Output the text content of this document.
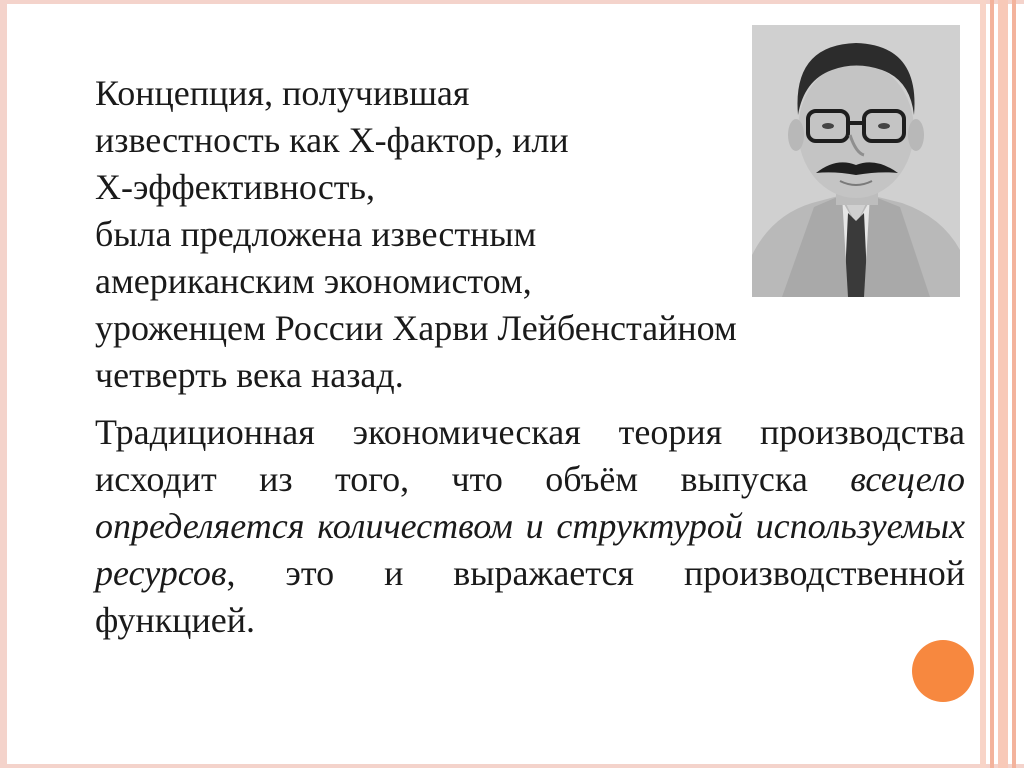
Концепция, получившая
известность как Х-фактор, или
Х-эффективность,
была предложена известным
американским экономистом,
уроженцем России Харви Лейбенстайном
четверть века назад.
Традиционная экономическая теория производства исходит из того, что объём выпуска всецело определяется количеством и структурой используемых ресурсов, это и выражается производственной функцией.
